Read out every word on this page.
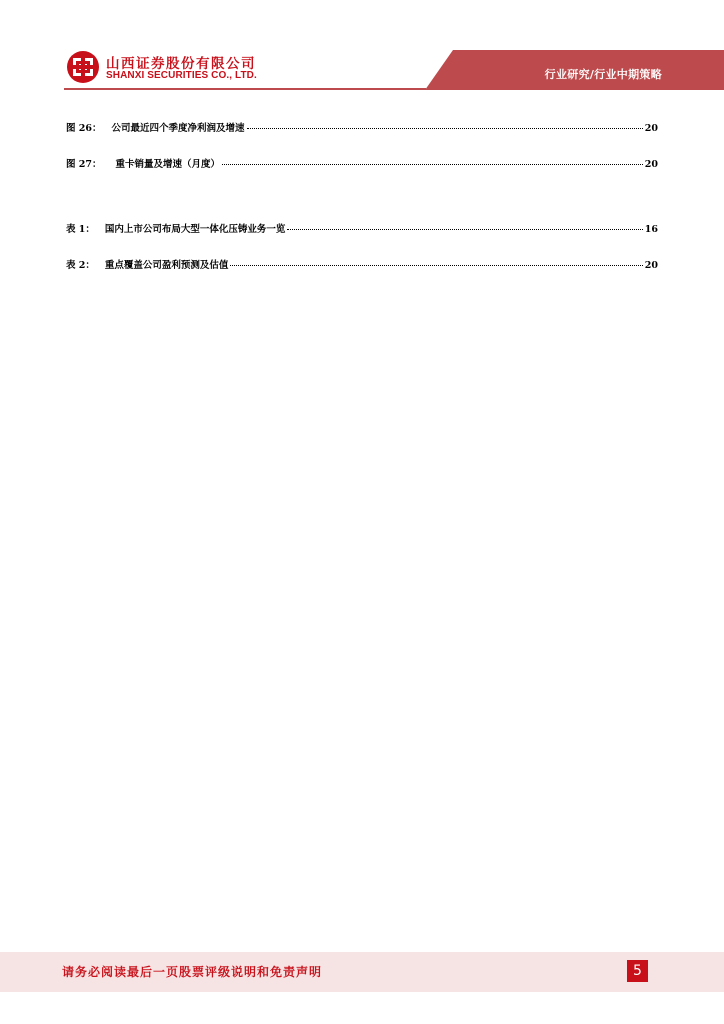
山西证券股份有限公司
SHANXI SECURITIES CO., LTD.	行业研究/行业中期策略
图 26： 公司最近四个季度净利润及增速	20
图 27： 重卡销量及增速（月度）	20
表 1： 国内上市公司布局大型一体化压铸业务一览	16
表 2： 重点覆盖公司盈利预测及估值	20
请务必阅读最后一页股票评级说明和免责声明	5
